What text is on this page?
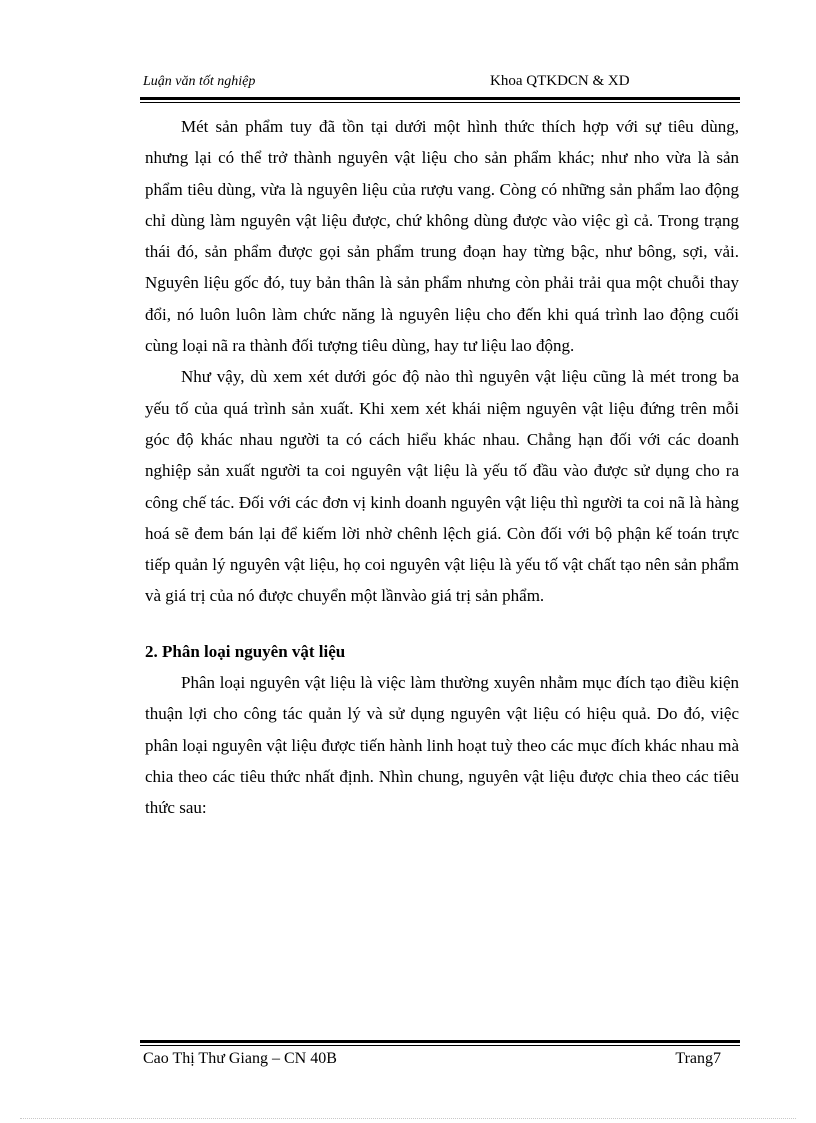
Luận văn tốt nghiệp	Khoa QTKDCN & XD

Mét sản phẩm tuy đã tồn tại dưới một hình thức thích hợp với sự tiêu dùng, nhưng lại có thể trở thành nguyên vật liệu cho sản phẩm khác; như nho vừa là sản phẩm tiêu dùng, vừa là nguyên liệu của rượu vang. Còng có những sản phẩm lao động chỉ dùng làm nguyên vật liệu được, chứ không dùng được vào việc gì cả. Trong trạng thái đó, sản phẩm được gọi sản phẩm trung đoạn hay từng bậc, như bông, sợi, vải. Nguyên liệu gốc đó, tuy bản thân là sản phẩm nhưng còn phải trải qua một chuỗi thay đổi, nó luôn luôn làm chức năng là nguyên liệu cho đến khi quá trình lao động cuối cùng loại nã ra thành đối tượng tiêu dùng, hay tư liệu lao động.

Như vậy, dù xem xét dưới góc độ nào thì nguyên vật liệu cũng là mét trong ba yếu tố của quá trình sản xuất. Khi xem xét khái niệm nguyên vật liệu đứng trên mỗi góc độ khác nhau người ta có cách hiểu khác nhau. Chẳng hạn đối với các doanh nghiệp sản xuất người ta coi nguyên vật liệu là yếu tố đầu vào được sử dụng cho ra công chế tác. Đối với các đơn vị kinh doanh nguyên vật liệu thì người ta coi nã là hàng hoá sẽ đem bán lại để kiếm lời nhờ chênh lệch giá. Còn đối với bộ phận kế toán trực tiếp quản lý nguyên vật liệu, họ coi nguyên vật liệu là yếu tố vật chất tạo nên sản phẩm và giá trị của nó được chuyển một lầnvào giá trị sản phẩm.

2. Phân loại nguyên vật liệu

Phân loại nguyên vật liệu là việc làm thường xuyên nhằm mục đích tạo điều kiện thuận lợi cho công tác quản lý và sử dụng nguyên vật liệu có hiệu quả. Do đó, việc phân loại nguyên vật liệu được tiến hành linh hoạt tuỳ theo các mục đích khác nhau mà chia theo các tiêu thức nhất định. Nhìn chung, nguyên vật liệu được chia theo các tiêu thức sau:

Cao Thị Thư Giang – CN 40B	Trang7
